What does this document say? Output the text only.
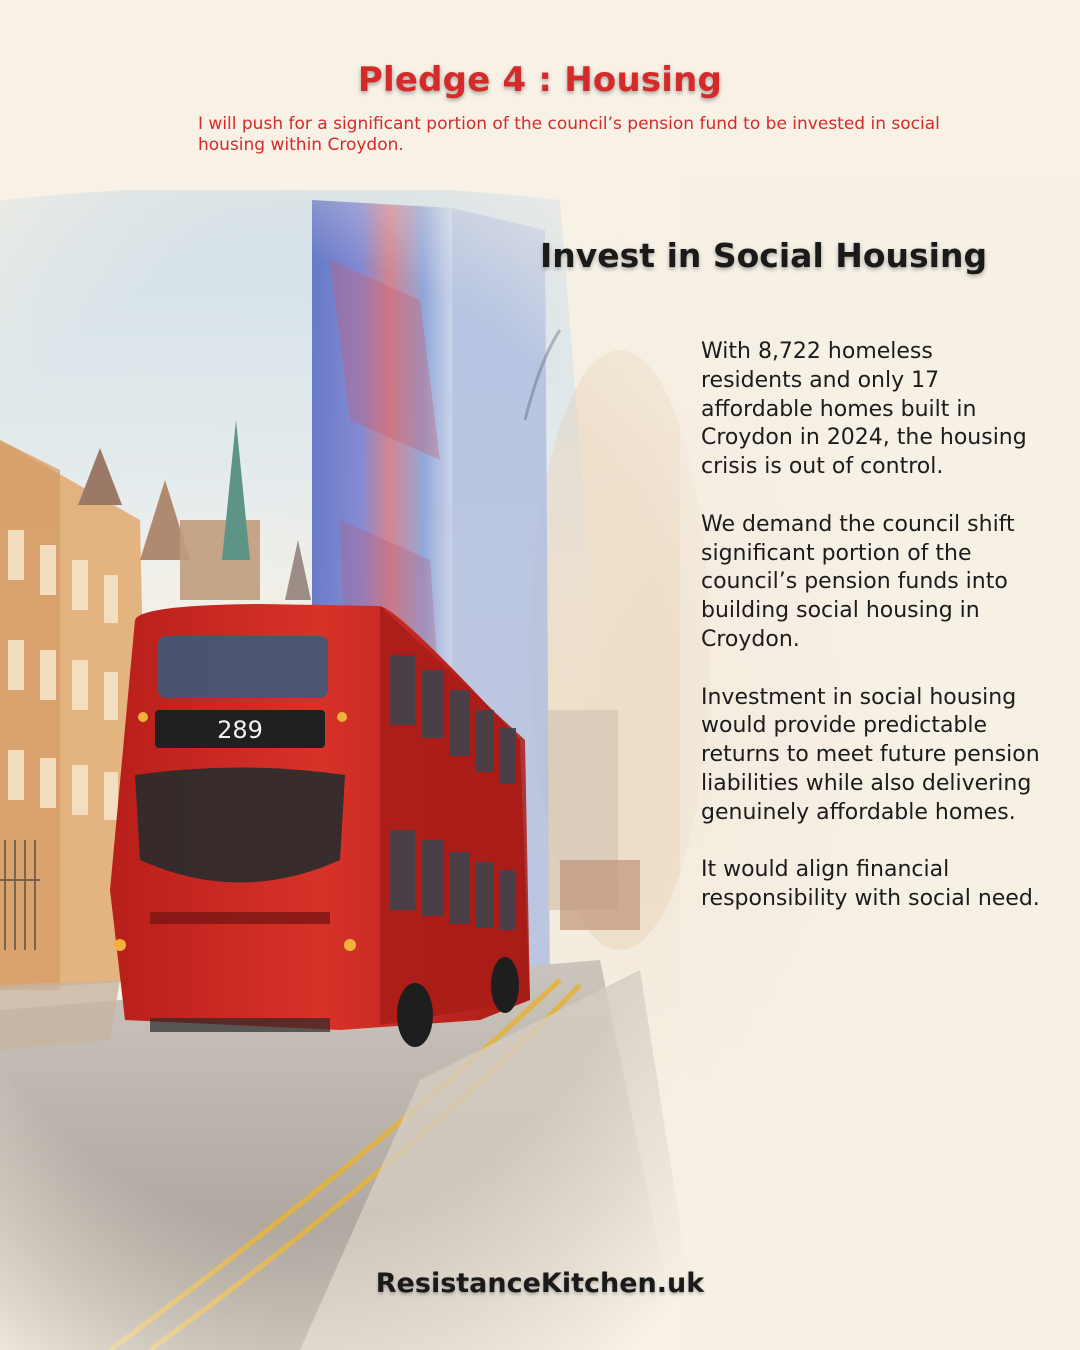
Pledge 4 : Housing

I will push for a significant portion of the council’s pension fund to be invested in social housing within Croydon.

Invest in Social Housing

With 8,722 homeless residents and only 17 affordable homes built in Croydon in 2024, the housing crisis is out of control.

We demand the council shift significant portion of the council’s pension funds into building social housing in Croydon.

Investment in social housing would provide predictable returns to meet future pension liabilities while also delivering genuinely affordable homes.

It would align financial responsibility with social need.

ResistanceKitchen.uk
